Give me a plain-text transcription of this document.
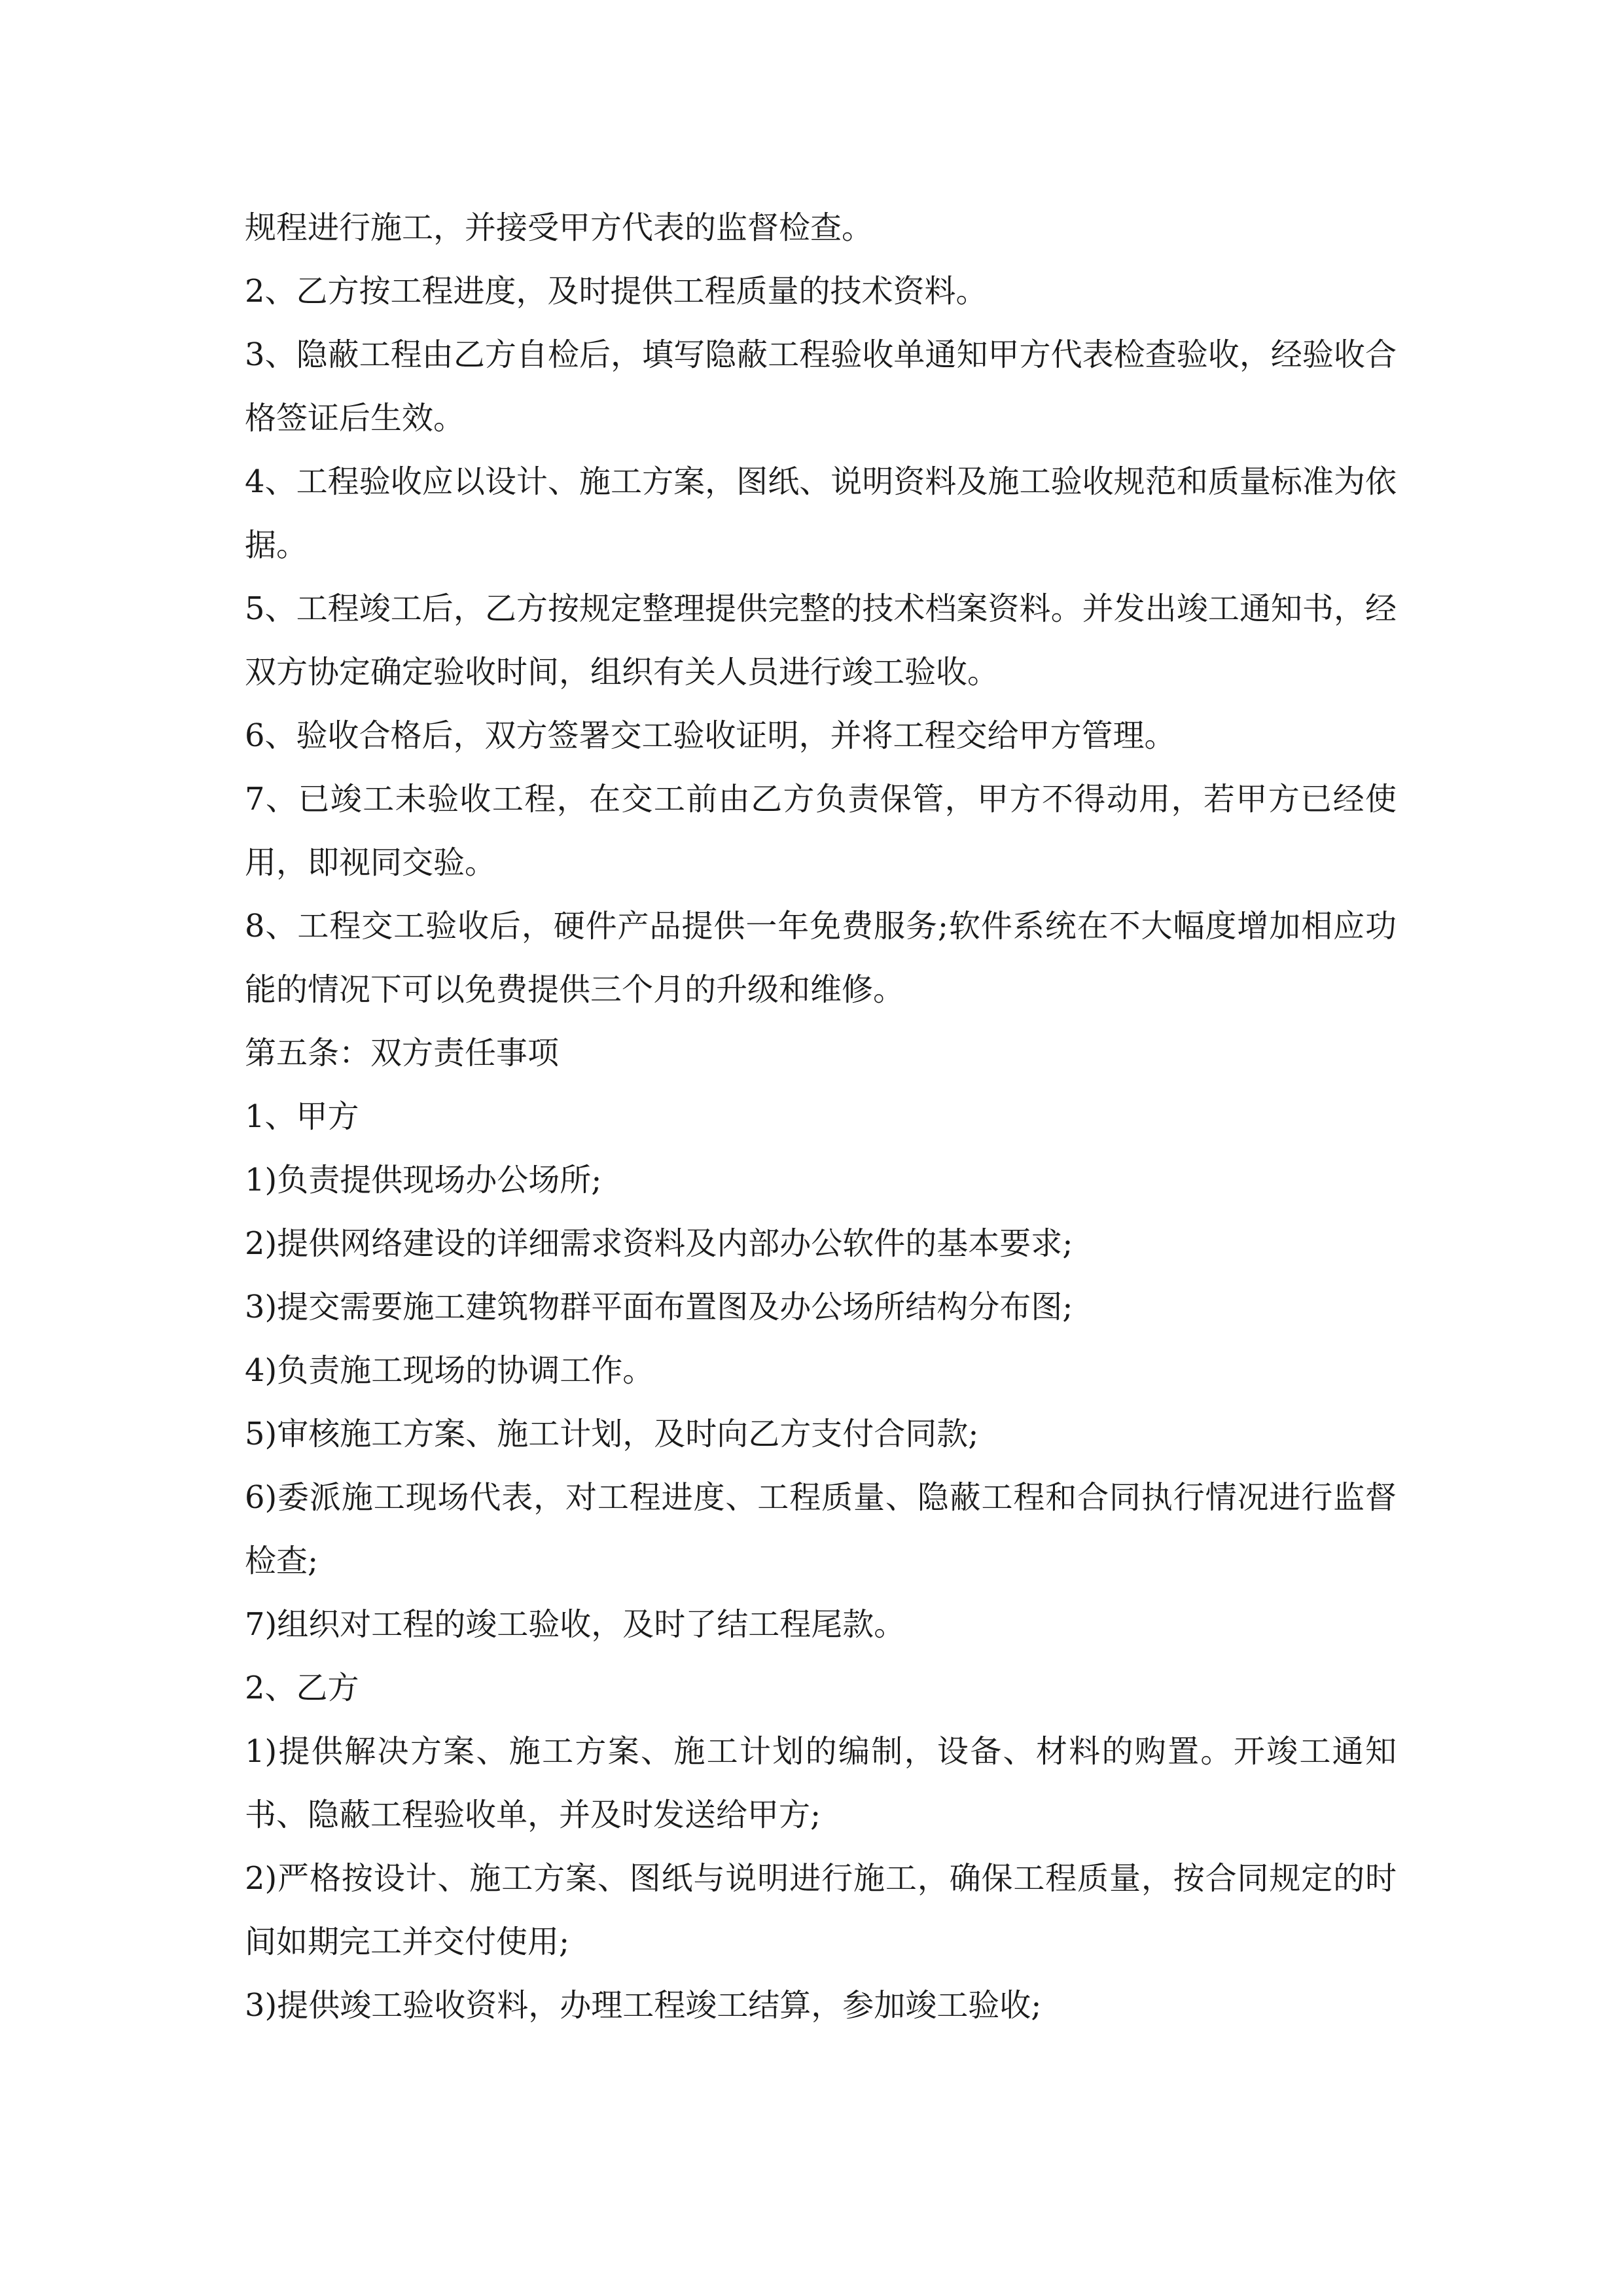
规程进行施工，并接受甲方代表的监督检查。

2、乙方按工程进度，及时提供工程质量的技术资料。

3、隐蔽工程由乙方自检后，填写隐蔽工程验收单通知甲方代表检查验收，经验收合格签证后生效。

4、工程验收应以设计、施工方案，图纸、说明资料及施工验收规范和质量标准为依据。

5、工程竣工后，乙方按规定整理提供完整的技术档案资料。并发出竣工通知书，经双方协定确定验收时间，组织有关人员进行竣工验收。

6、验收合格后，双方签署交工验收证明，并将工程交给甲方管理。

7、已竣工未验收工程，在交工前由乙方负责保管，甲方不得动用，若甲方已经使用，即视同交验。

8、工程交工验收后，硬件产品提供一年免费服务;软件系统在不大幅度增加相应功能的情况下可以免费提供三个月的升级和维修。

第五条：双方责任事项

1、甲方

1)负责提供现场办公场所;

2)提供网络建设的详细需求资料及内部办公软件的基本要求;

3)提交需要施工建筑物群平面布置图及办公场所结构分布图;

4)负责施工现场的协调工作。

5)审核施工方案、施工计划，及时向乙方支付合同款;

6)委派施工现场代表，对工程进度、工程质量、隐蔽工程和合同执行情况进行监督检查;

7)组织对工程的竣工验收，及时了结工程尾款。

2、乙方

1)提供解决方案、施工方案、施工计划的编制，设备、材料的购置。开竣工通知书、隐蔽工程验收单，并及时发送给甲方;

2)严格按设计、施工方案、图纸与说明进行施工，确保工程质量，按合同规定的时间如期完工并交付使用;

3)提供竣工验收资料，办理工程竣工结算，参加竣工验收;
